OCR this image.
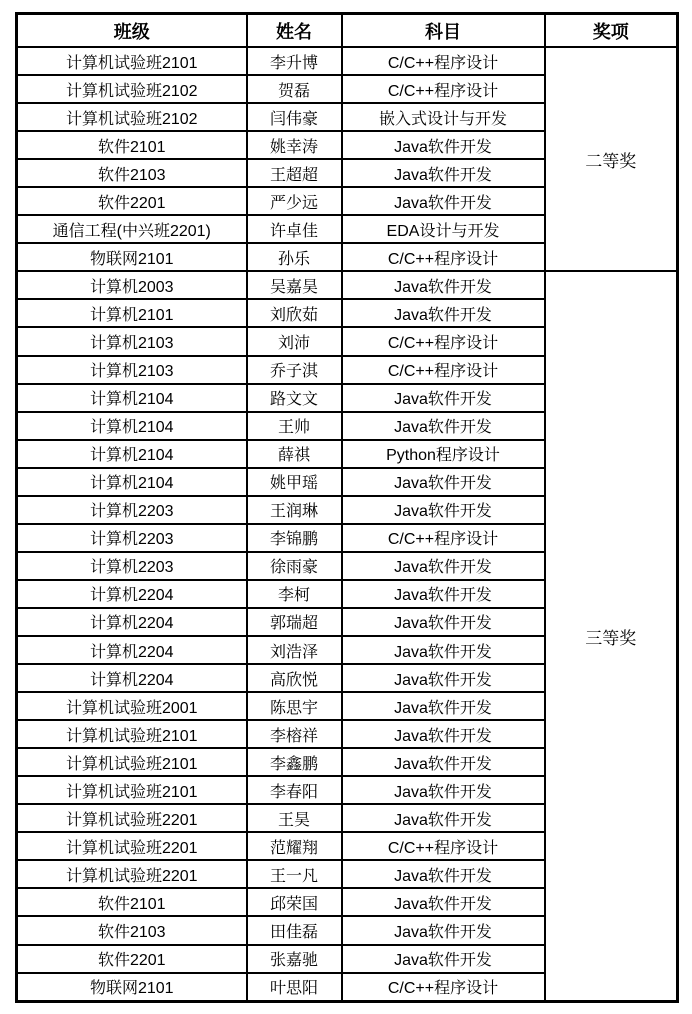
班级	姓名	科目	奖项
计算机试验班2101	李升博	C/C++程序设计	二等奖
计算机试验班2102	贺磊	C/C++程序设计	
计算机试验班2102	闫伟豪	嵌入式设计与开发	
软件2101	姚幸涛	Java软件开发	
软件2103	王超超	Java软件开发	
软件2201	严少远	Java软件开发	
通信工程(中兴班2201)	许卓佳	EDA设计与开发	
物联网2101	孙乐	C/C++程序设计	
计算机2003	吴嘉昊	Java软件开发	三等奖
计算机2101	刘欣茹	Java软件开发	
计算机2103	刘沛	C/C++程序设计	
计算机2103	乔子淇	C/C++程序设计	
计算机2104	路文文	Java软件开发	
计算机2104	王帅	Java软件开发	
计算机2104	薛祺	Python程序设计	
计算机2104	姚甲瑶	Java软件开发	
计算机2203	王润琳	Java软件开发	
计算机2203	李锦鹏	C/C++程序设计	
计算机2203	徐雨豪	Java软件开发	
计算机2204	李柯	Java软件开发	
计算机2204	郭瑞超	Java软件开发	
计算机2204	刘浩泽	Java软件开发	
计算机2204	高欣悦	Java软件开发	
计算机试验班2001	陈思宇	Java软件开发	
计算机试验班2101	李榕祥	Java软件开发	
计算机试验班2101	李鑫鹏	Java软件开发	
计算机试验班2101	李春阳	Java软件开发	
计算机试验班2201	王昊	Java软件开发	
计算机试验班2201	范耀翔	C/C++程序设计	
计算机试验班2201	王一凡	Java软件开发	
软件2101	邱荣国	Java软件开发	
软件2103	田佳磊	Java软件开发	
软件2201	张嘉驰	Java软件开发	
物联网2101	叶思阳	C/C++程序设计	
